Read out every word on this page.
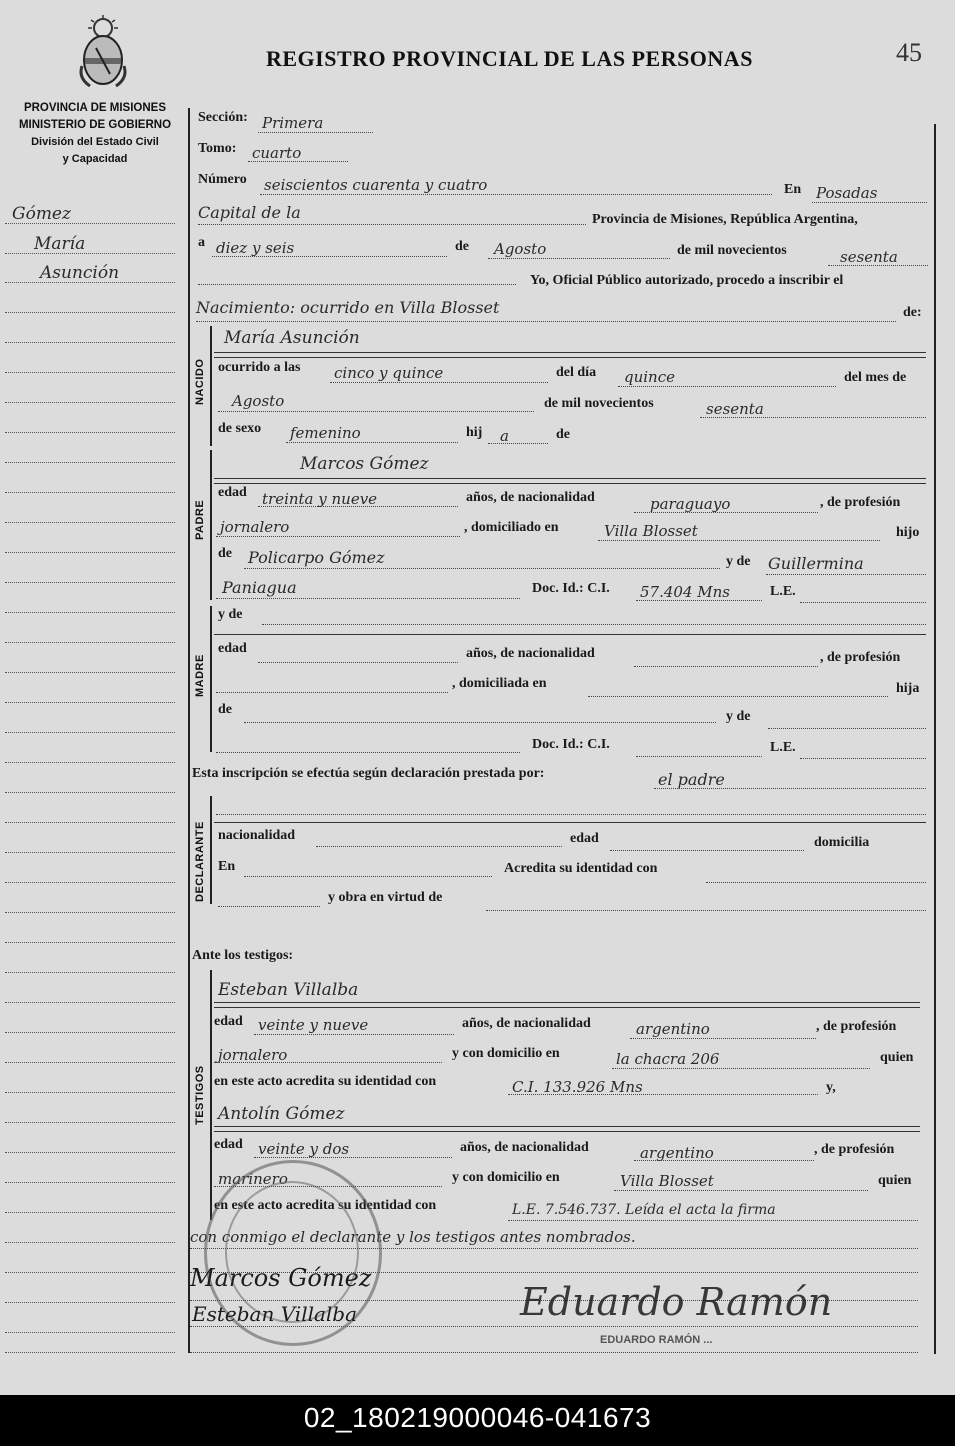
PROVINCIA DE MISIONES
MINISTERIO DE GOBIERNO
División del Estado Civil
y Capacidad
REGISTRO PROVINCIAL DE LAS PERSONAS	45
Gómez
María
Asunción
Sección: Primera
Tomo: cuarto
Número seiscientos cuarenta y cuatro	En Posadas
Capital de la	Provincia de Misiones, República Argentina,
a diez y seis	de Agosto	de mil novecientos	sesenta
Yo, Oficial Público autorizado, procedo a inscribir el
Nacimiento: ocurrido en Villa Blosset	de:
NACIDO
María Asunción
ocurrido a las cinco y quince	del día quince	del mes de
Agosto	de mil novecientos	sesenta
de sexo femenino	hij a	de
PADRE
Marcos Gómez
edad treinta y nueve	años, de nacionalidad	paraguayo	, de profesión
jornalero	, domiciliado en	Villa Blosset	hijo
de Policarpo Gómez	y de Guillermina
Paniagua	Doc. Id.: C.I. 57.404 Mns	L.E.
MADRE
y de
edad	años, de nacionalidad	, de profesión
, domiciliada en	hija
de	y de
Doc. Id.: C.I.	L.E.
Esta inscripción se efectúa según declaración prestada por:	el padre
DECLARANTE nacionalidad	edad	domicilia
En	Acredita su identidad con
y obra en virtud de
Ante los testigos:
TESTIGOS
Esteban Villalba
edad veinte y nueve	años, de nacionalidad	argentino	, de profesión
jornalero	y con domicilio en	la chacra 206	quien
en este acto acredita su identidad con	C.I. 133.926 Mns	y,
Antolín Gómez
edad veinte y dos	años, de nacionalidad	argentino	, de profesión
marinero	y con domicilio en	Villa Blosset	quien
en este acto acredita su identidad con	L.E. 7.546.737. Leída el acta la firma
con conmigo el declarante y los testigos antes nombrados.
Marcos Gómez
Esteban Villalba	Eduardo Ramón
EDUARDO RAMÓN ...
02_180219000046-041673
